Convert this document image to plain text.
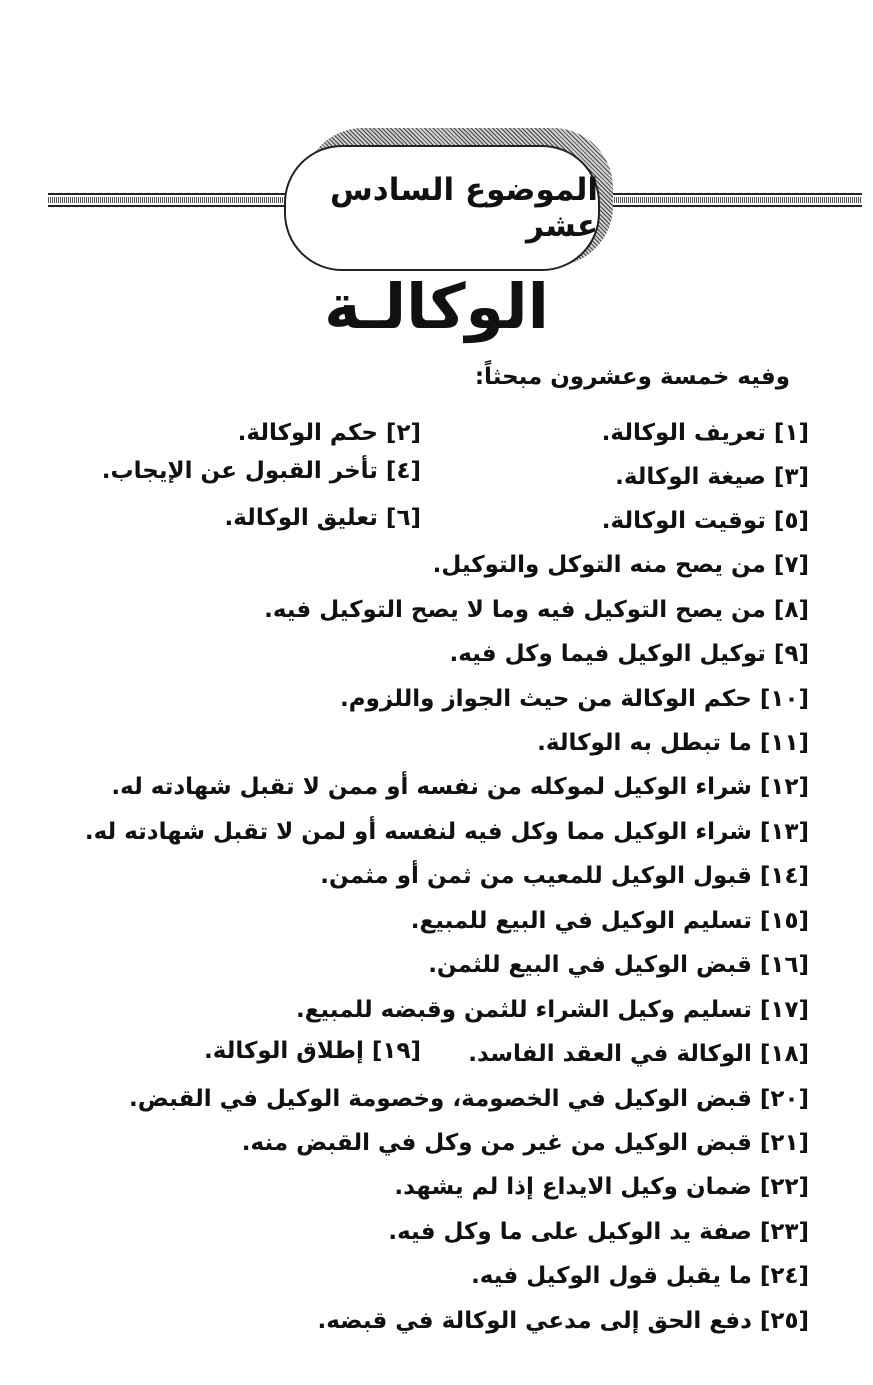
الموضوع السادس عشر
الوكالـة
وفيه خمسة وعشرون مبحثاً:
[١] تعريف الوكالة.
[٢] حكم الوكالة.
[٣] صيغة الوكالة.
[٤] تأخر القبول عن الإيجاب.
[٥] توقيت الوكالة.
[٦] تعليق الوكالة.
[٧] من يصح منه التوكل والتوكيل.
[٨] من يصح التوكيل فيه وما لا يصح التوكيل فيه.
[٩] توكيل الوكيل فيما وكل فيه.
[١٠] حكم الوكالة من حيث الجواز واللزوم.
[١١] ما تبطل به الوكالة.
[١٢] شراء الوكيل لموكله من نفسه أو ممن لا تقبل شهادته له.
[١٣] شراء الوكيل مما وكل فيه لنفسه أو لمن لا تقبل شهادته له.
[١٤] قبول الوكيل للمعيب من ثمن أو مثمن.
[١٥] تسليم الوكيل في البيع للمبيع.
[١٦] قبض الوكيل في البيع للثمن.
[١٧] تسليم وكيل الشراء للثمن وقبضه للمبيع.
[١٨] الوكالة في العقد الفاسد.
[١٩] إطلاق الوكالة.
[٢٠] قبض الوكيل في الخصومة، وخصومة الوكيل في القبض.
[٢١] قبض الوكيل من غير من وكل في القبض منه.
[٢٢] ضمان وكيل الايداع إذا لم يشهد.
[٢٣] صفة يد الوكيل على ما وكل فيه.
[٢٤] ما يقبل قول الوكيل فيه.
[٢٥] دفع الحق إلى مدعي الوكالة في قبضه.
